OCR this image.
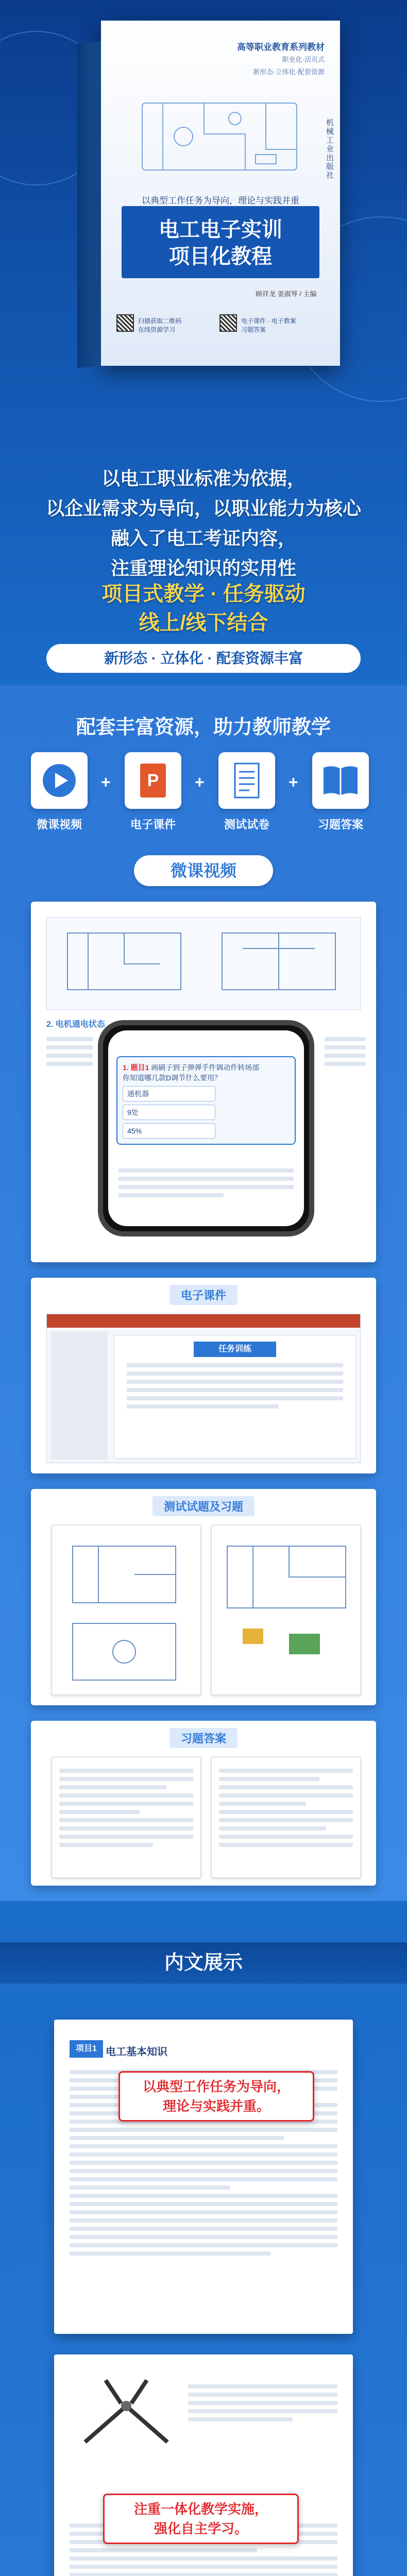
高等职业教育系列教材
职业化·活页式
新形态·立体化·配套资源
以典型工作任务为导向，理论与实践并重
电工电子实训
项目化教程
顾祥龙 姜淑琴 / 主编
扫描获取二维码
在线资源学习
电子课件 · 电子教案
习题答案
机械工业出版社
以电工职业标准为依据，
以企业需求为导向，以职业能力为核心
融入了电工考证内容，
注重理论知识的实用性
项目式教学 · 任务驱动
线上/线下结合
新形态 · 立体化 · 配套资源丰富
配套丰富资源，助力教师教学
微课视频
+ P
电子课件
+
测试试卷
+
习题答案
微课视频
2. 电机通电状态
1. 题目1 画刷子到子弹弹手件调动件转场部
你知道哪几款D调节什么要用？
通机器
9处
45%
电子课件
任务训练
测试试题及习题
习题答案
内文展示
项目1 电工基本知识
以典型工作任务为导向，
理论与实践并重。
注重一体化教学实施，
强化自主学习。
